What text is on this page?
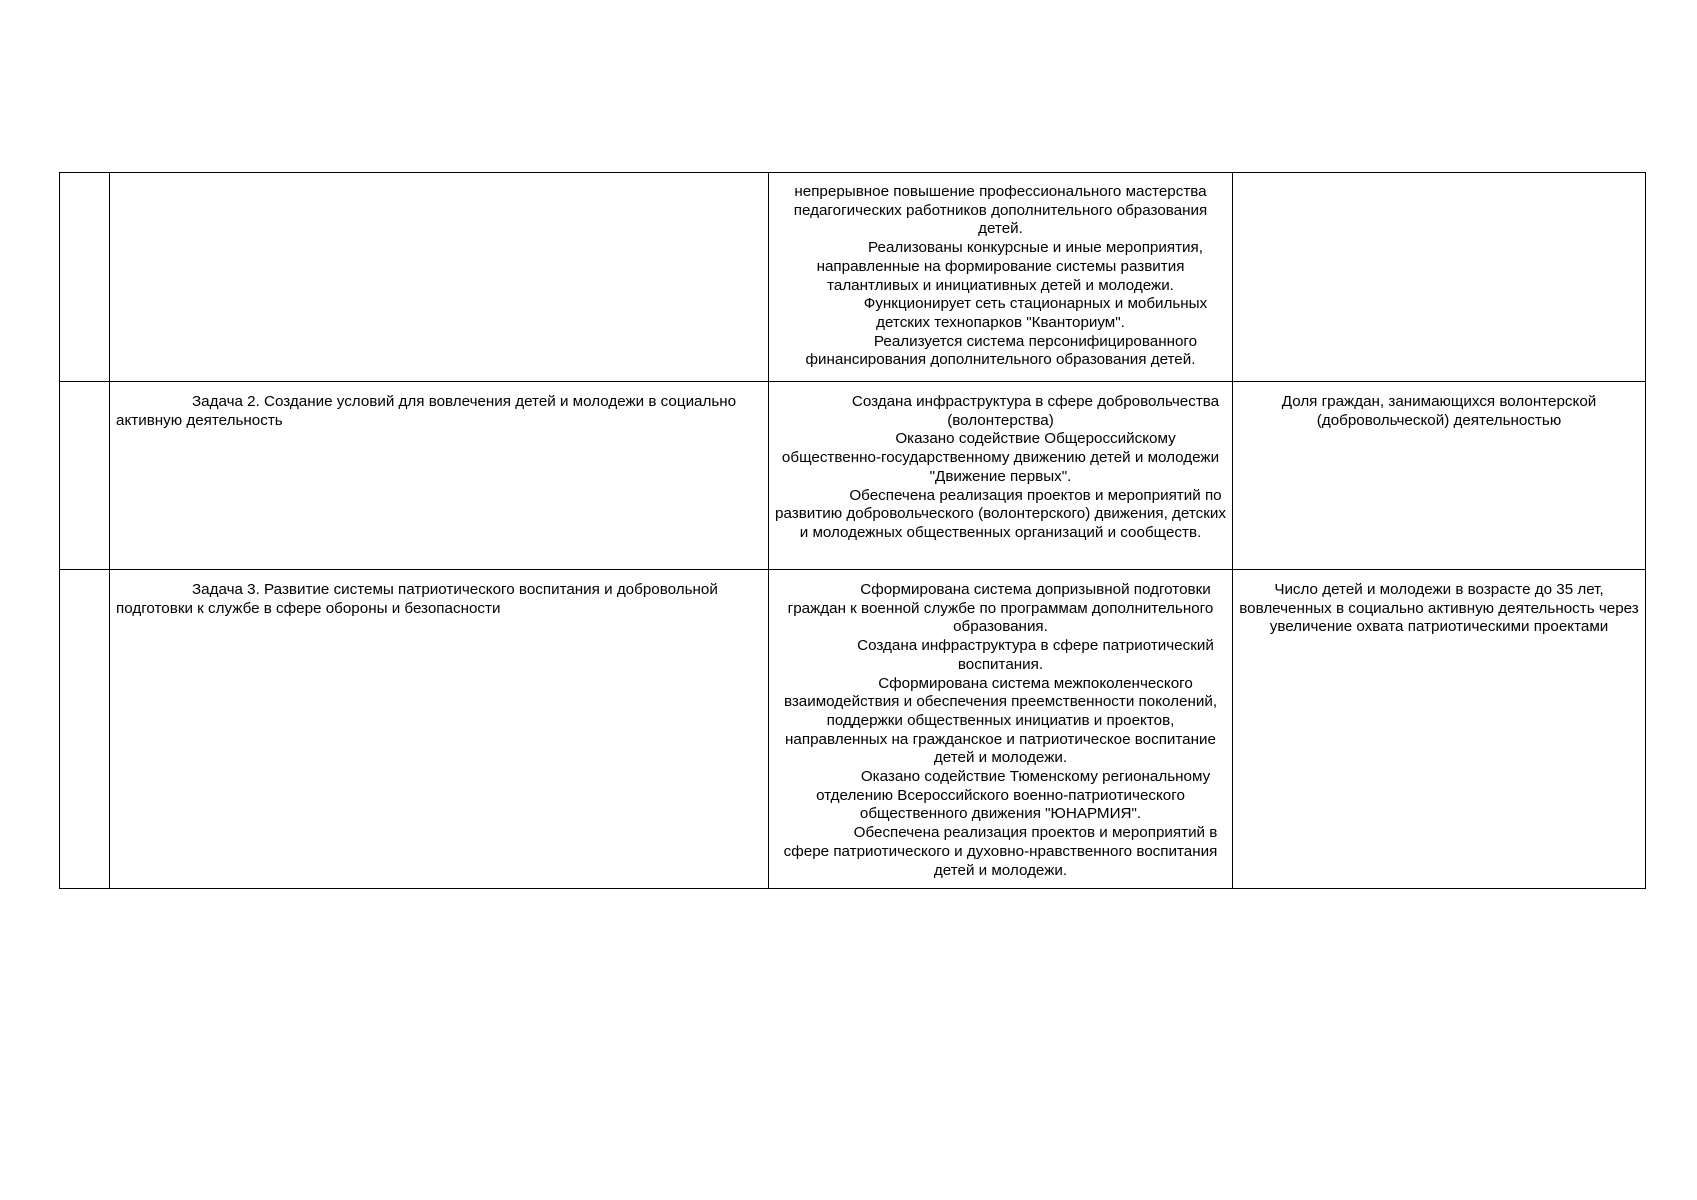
		непрерывное повышение профессионального мастерства педагогических работников дополнительного образования детей.

Реализованы конкурсные и иные мероприятия, направленные на формирование системы развития талантливых и инициативных детей и молодежи.

Функционирует сеть стационарных и мобильных детских технопарков "Кванториум".

Реализуется система персонифицированного финансирования дополнительного образования детей.	

	Задача 2. Создание условий для вовлечения детей и молодежи в социально активную деятельность	Создана инфраструктура в сфере добровольчества (волонтерства)

Оказано содействие Общероссийскому общественно-государственному движению детей и молодежи "Движение первых".

Обеспечена реализация проектов и мероприятий по развитию добровольческого (волонтерского) движения, детских и молодежных общественных организаций и сообществ.	Доля граждан, занимающихся волонтерской (добровольческой) деятельностью

	Задача 3. Развитие системы патриотического воспитания и добровольной подготовки к службе в сфере обороны и безопасности	Сформирована система допризывной подготовки граждан к военной службе по программам дополнительного образования.

Создана инфраструктура в сфере патриотический воспитания.

Сформирована система межпоколенческого взаимодействия и обеспечения преемственности поколений, поддержки общественных инициатив и проектов, направленных на гражданское и патриотическое воспитание детей и молодежи.

Оказано содействие Тюменскому региональному отделению Всероссийского военно-патриотического общественного движения "ЮНАРМИЯ".

Обеспечена реализация проектов и мероприятий в сфере патриотического и духовно-нравственного воспитания детей и молодежи.	Число детей и молодежи в возрасте до 35 лет, вовлеченных в социально активную деятельность через увеличение охвата патриотическими проектами
